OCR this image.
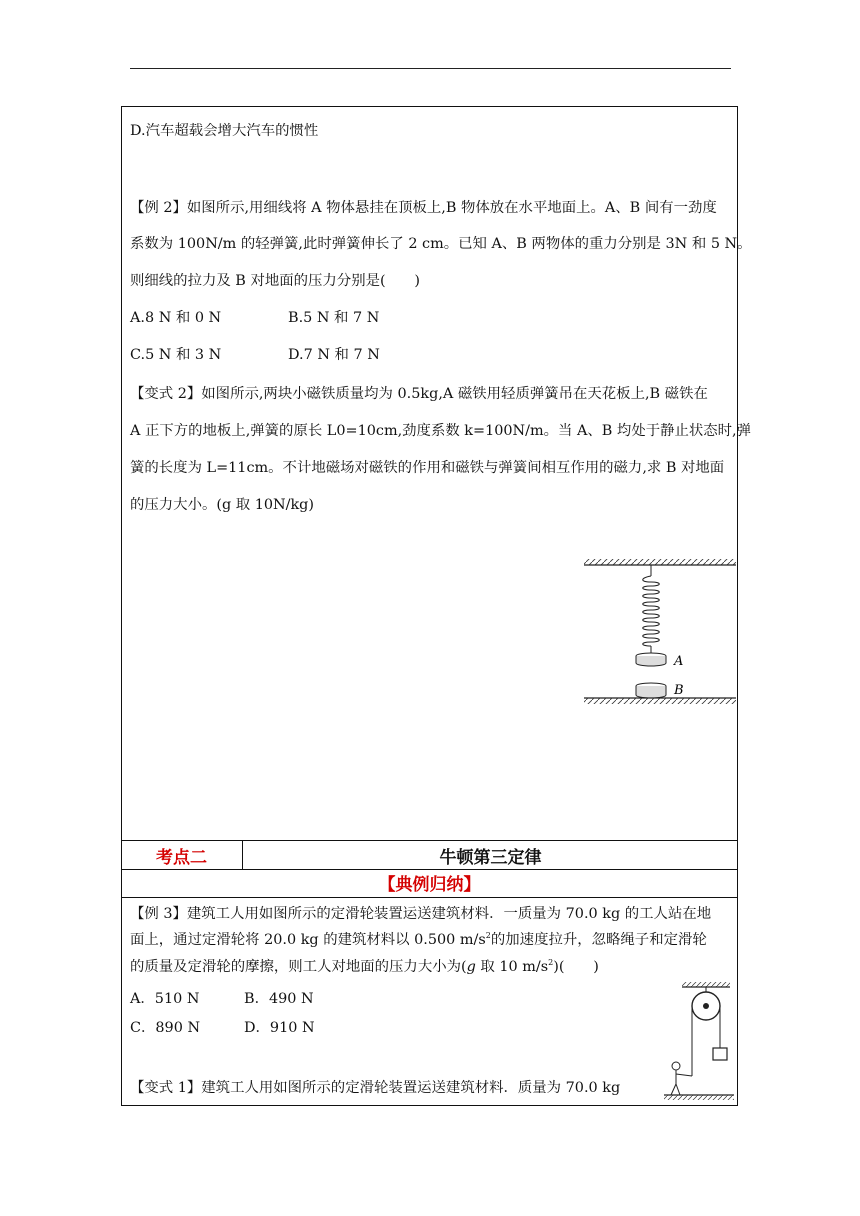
D.汽车超载会增大汽车的惯性
【例 2】如图所示,用细线将 A 物体悬挂在顶板上,B 物体放在水平地面上。A、B 间有一劲度
系数为 100N/m 的轻弹簧,此时弹簧伸长了 2 cm。已知 A、B 两物体的重力分别是 3N 和 5 N。
则细线的拉力及 B 对地面的压力分别是(　　)
A.8 N 和 0 N	B.5 N 和 7 N
C.5 N 和 3 N	D.7 N 和 7 N
【变式 2】如图所示,两块小磁铁质量均为 0.5kg,A 磁铁用轻质弹簧吊在天花板上,B 磁铁在
A 正下方的地板上,弹簧的原长 L0=10cm,劲度系数 k=100N/m。当 A、B 均处于静止状态时,弹
簧的长度为 L=11cm。不计地磁场对磁铁的作用和磁铁与弹簧间相互作用的磁力,求 B 对地面
的压力大小。(g 取 10N/kg)
A
B
考点二	牛顿第三定律
【典例归纳】
【例 3】建筑工人用如图所示的定滑轮装置运送建筑材料．一质量为 70.0 kg 的工人站在地
面上，通过定滑轮将 20.0 kg 的建筑材料以 0.500 $m/s^2$的加速度拉升，忽略绳子和定滑轮
的质量及定滑轮的摩擦，则工人对地面的压力大小为(g 取 10 $m/s^2$)(　　)
A．510 N	B．490 N
C．890 N	D．910 N
【变式 1】建筑工人用如图所示的定滑轮装置运送建筑材料．质量为 70.0 kg
